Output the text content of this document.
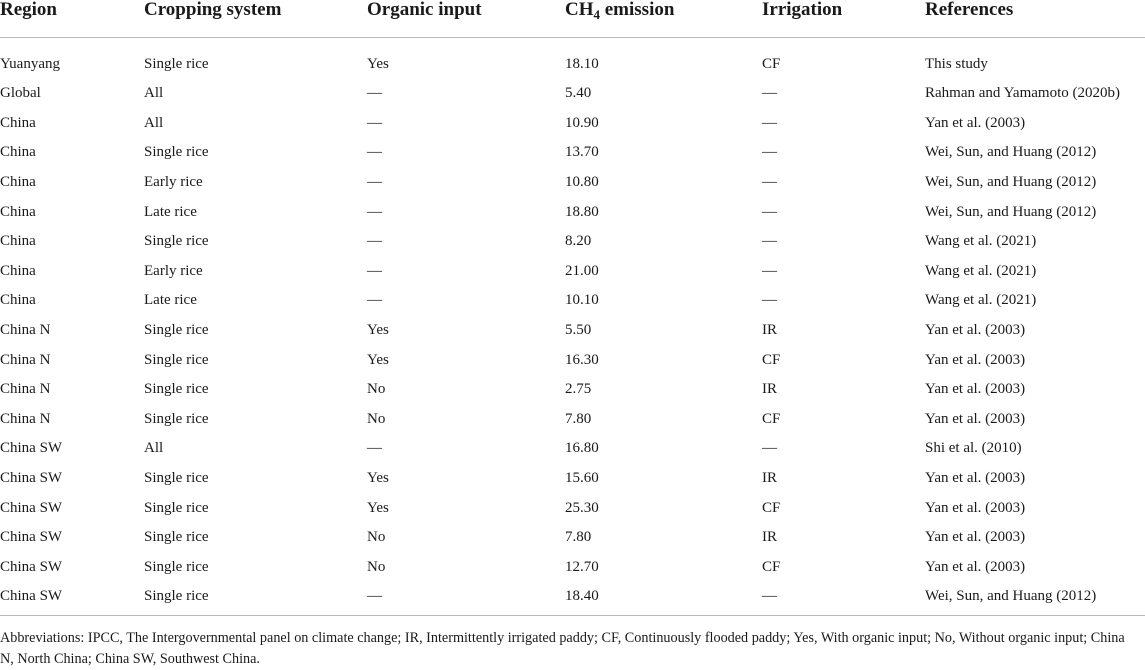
Region	Cropping system	Organic input	$CH_4$ emission	Irrigation	References
Yuanyang	Single rice	Yes	18.10	CF	This study
Global	All	—	5.40	—	Rahman and Yamamoto (2020b)
China	All	—	10.90	—	Yan et al. (2003)
China	Single rice	—	13.70	—	Wei, Sun, and Huang (2012)
China	Early rice	—	10.80	—	Wei, Sun, and Huang (2012)
China	Late rice	—	18.80	—	Wei, Sun, and Huang (2012)
China	Single rice	—	8.20	—	Wang et al. (2021)
China	Early rice	—	21.00	—	Wang et al. (2021)
China	Late rice	—	10.10	—	Wang et al. (2021)
China N	Single rice	Yes	5.50	IR	Yan et al. (2003)
China N	Single rice	Yes	16.30	CF	Yan et al. (2003)
China N	Single rice	No	2.75	IR	Yan et al. (2003)
China N	Single rice	No	7.80	CF	Yan et al. (2003)
China SW	All	—	16.80	—	Shi et al. (2010)
China SW	Single rice	Yes	15.60	IR	Yan et al. (2003)
China SW	Single rice	Yes	25.30	CF	Yan et al. (2003)
China SW	Single rice	No	7.80	IR	Yan et al. (2003)
China SW	Single rice	No	12.70	CF	Yan et al. (2003)
China SW	Single rice	—	18.40	—	Wei, Sun, and Huang (2012)
Abbreviations: IPCC, The Intergovernmental panel on climate change; IR, Intermittently irrigated paddy; CF, Continuously flooded paddy; Yes, With organic input; No, Without organic input; China N, North China; China SW, Southwest China.
